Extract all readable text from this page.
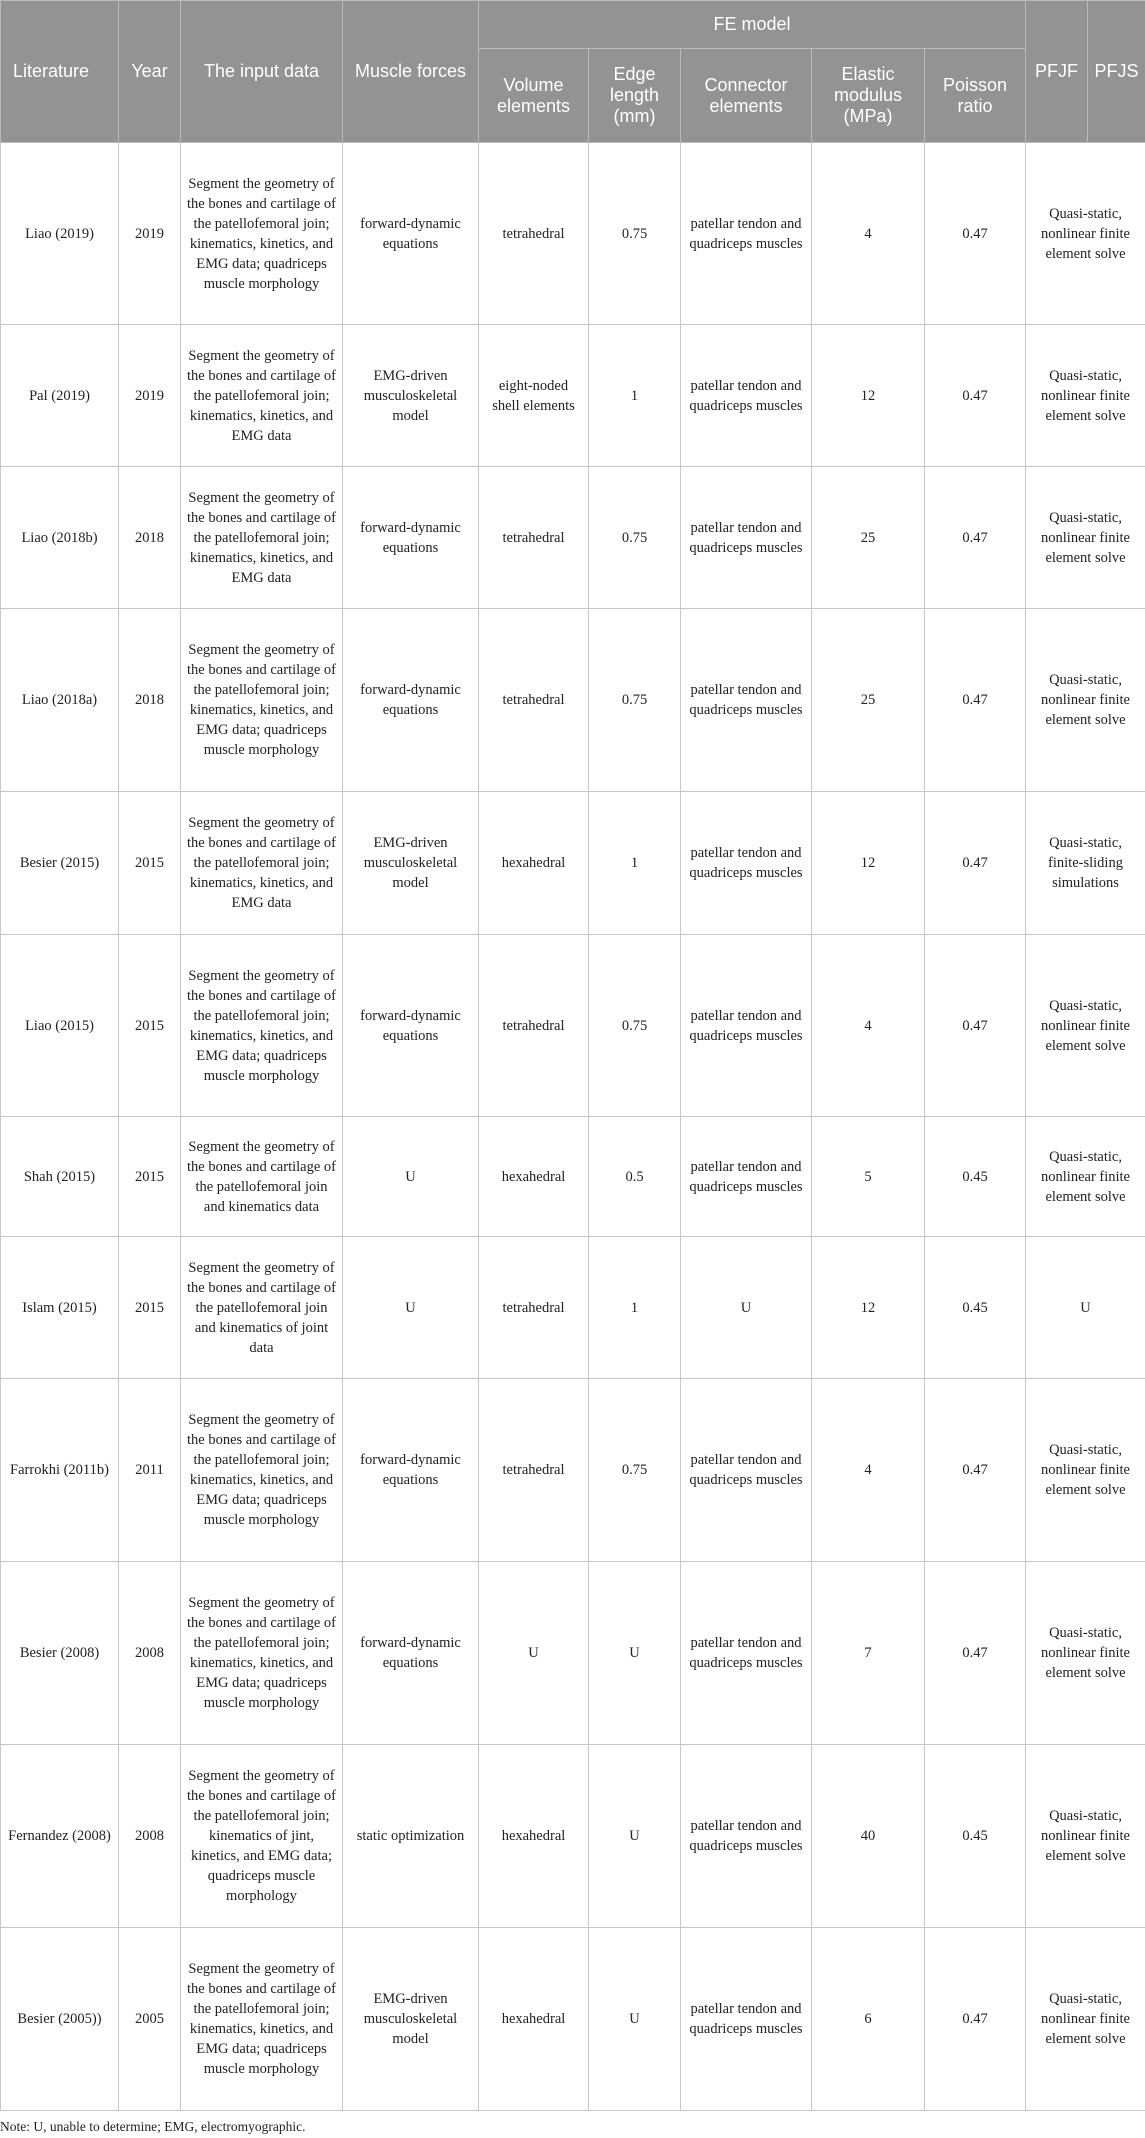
Literature	Year	The input data	Muscle forces	FE model					PFJF	PFJS
				Volume elements	Edge length (mm)	Connector elements	Elastic modulus (MPa)	Poisson ratio		
Liao (2019)	2019	Segment the geometry of the bones and cartilage of the patellofemoral join; kinematics, kinetics, and EMG data; quadriceps muscle morphology	forward-dynamic equations	tetrahedral	0.75	patellar tendon and quadriceps muscles	4	0.47	Quasi-static, nonlinear finite element solve	
Pal (2019)	2019	Segment the geometry of the bones and cartilage of the patellofemoral join; kinematics, kinetics, and EMG data	EMG-driven musculoskeletal model	eight-noded shell elements	1	patellar tendon and quadriceps muscles	12	0.47	Quasi-static, nonlinear finite element solve	
Liao (2018b)	2018	Segment the geometry of the bones and cartilage of the patellofemoral join; kinematics, kinetics, and EMG data	forward-dynamic equations	tetrahedral	0.75	patellar tendon and quadriceps muscles	25	0.47	Quasi-static, nonlinear finite element solve	
Liao (2018a)	2018	Segment the geometry of the bones and cartilage of the patellofemoral join; kinematics, kinetics, and EMG data; quadriceps muscle morphology	forward-dynamic equations	tetrahedral	0.75	patellar tendon and quadriceps muscles	25	0.47	Quasi-static, nonlinear finite element solve	
Besier (2015)	2015	Segment the geometry of the bones and cartilage of the patellofemoral join; kinematics, kinetics, and EMG data	EMG-driven musculoskeletal model	hexahedral	1	patellar tendon and quadriceps muscles	12	0.47	Quasi-static, finite-sliding simulations	
Liao (2015)	2015	Segment the geometry of the bones and cartilage of the patellofemoral join; kinematics, kinetics, and EMG data; quadriceps muscle morphology	forward-dynamic equations	tetrahedral	0.75	patellar tendon and quadriceps muscles	4	0.47	Quasi-static, nonlinear finite element solve	
Shah (2015)	2015	Segment the geometry of the bones and cartilage of the patellofemoral join and kinematics data	U	hexahedral	0.5	patellar tendon and quadriceps muscles	5	0.45	Quasi-static, nonlinear finite element solve	
Islam (2015)	2015	Segment the geometry of the bones and cartilage of the patellofemoral join and kinematics of joint data	U	tetrahedral	1	U	12	0.45	U	
Farrokhi (2011b)	2011	Segment the geometry of the bones and cartilage of the patellofemoral join; kinematics, kinetics, and EMG data; quadriceps muscle morphology	forward-dynamic equations	tetrahedral	0.75	patellar tendon and quadriceps muscles	4	0.47	Quasi-static, nonlinear finite element solve	
Besier (2008)	2008	Segment the geometry of the bones and cartilage of the patellofemoral join; kinematics, kinetics, and EMG data; quadriceps muscle morphology	forward-dynamic equations	U	U	patellar tendon and quadriceps muscles	7	0.47	Quasi-static, nonlinear finite element solve	
Fernandez (2008)	2008	Segment the geometry of the bones and cartilage of the patellofemoral join; kinematics of jint, kinetics, and EMG data; quadriceps muscle morphology	static optimization	hexahedral	U	patellar tendon and quadriceps muscles	40	0.45	Quasi-static, nonlinear finite element solve	
Besier (2005))	2005	Segment the geometry of the bones and cartilage of the patellofemoral join; kinematics, kinetics, and EMG data; quadriceps muscle morphology	EMG-driven musculoskeletal model	hexahedral	U	patellar tendon and quadriceps muscles	6	0.47	Quasi-static, nonlinear finite element solve	
Note: U, unable to determine; EMG, electromyographic.
